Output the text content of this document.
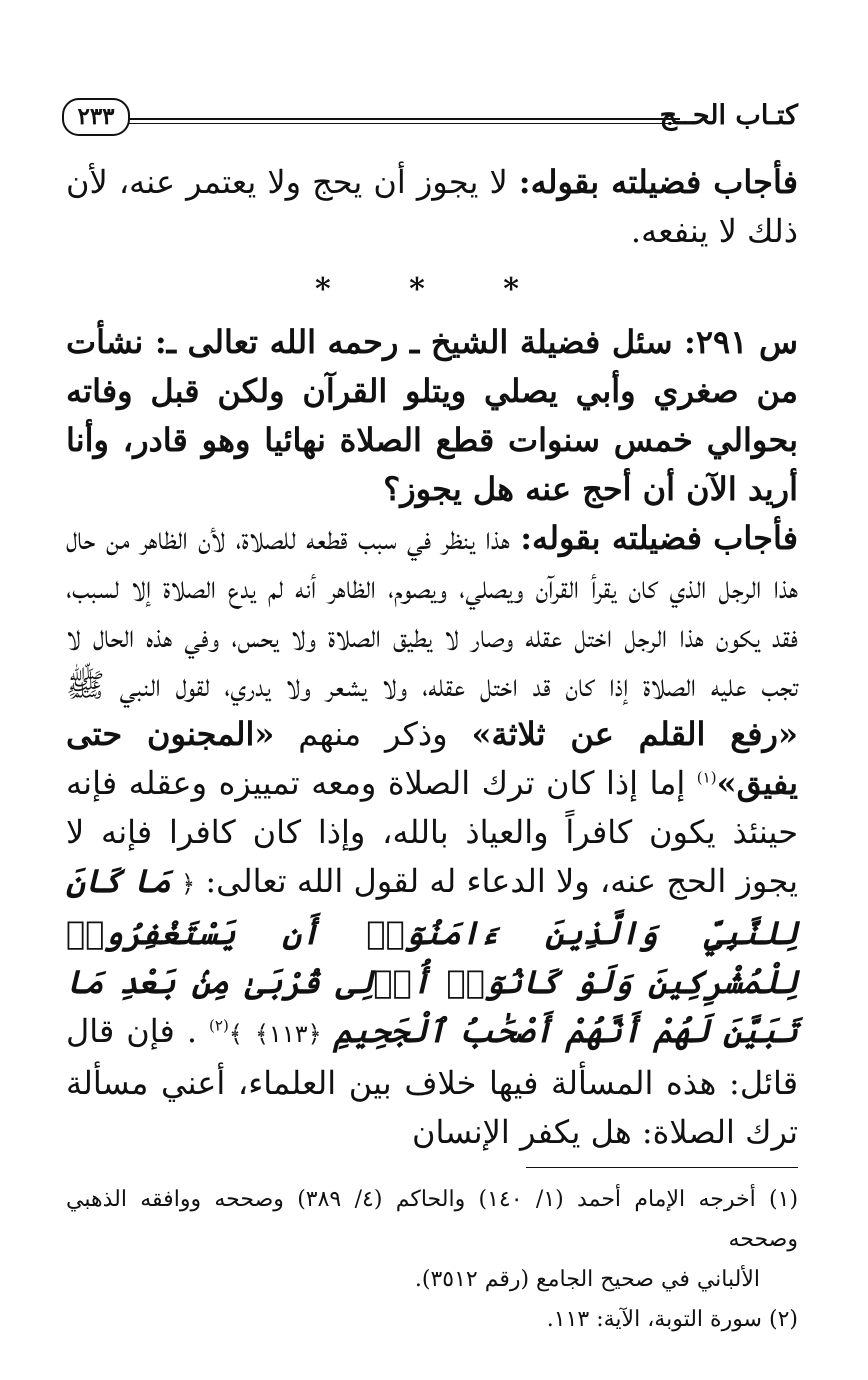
كتـاب الحــج
٢٣٣

فأجاب فضيلته بقوله: لا يجوز أن يحج ولا يعتمر عنه، لأن ذلك لا ينفعه.

* * *

س ٢٩١: سئل فضيلة الشيخ ـ رحمه الله تعالى ـ: نشأت من صغري وأبي يصلي ويتلو القرآن ولكن قبل وفاته بحوالي خمس سنوات قطع الصلاة نهائيا وهو قادر، وأنا أريد الآن أن أحج عنه هل يجوز؟

فأجاب فضيلته بقوله: هذا ينظر في سبب قطعه للصلاة، لأن الظاهر من حال هذا الرجل الذي كان يقرأ القرآن ويصلي، ويصوم، الظاهر أنه لم يدع الصلاة إلا لسبب، فقد يكون هذا الرجل اختل عقله وصار لا يطيق الصلاة ولا يحس، وفي هذه الحال لا تجب عليه الصلاة إذا كان قد اختل عقله، ولا يشعر ولا يدري، لقول النبي ﷺ «رفع القلم عن ثلاثة» وذكر منهم «المجنون حتى يفيق»$^{(١)}$ إما إذا كان ترك الصلاة ومعه تمييزه وعقله فإنه حينئذ يكون كافراً والعياذ بالله، وإذا كان كافرا فإنه لا يجوز الحج عنه، ولا الدعاء له لقول الله تعالى: ﴿ مَا كَانَ لِلنَّبِيِّ وَالَّذِينَ ءَامَنُوٓا۟ أَن يَسْتَغْفِرُوا۟ لِلْمُشْرِكِينَ وَلَوْ كَانُوٓا۟ أُو۟لِى قُرْبَىٰ مِنۢ بَعْدِ مَا تَبَيَّنَ لَهُمْ أَنَّهُمْ أَصْحَٰبُ ٱلْجَحِيمِ ﴿١١٣﴾ ﴾$^{(٢)}$ . فإن قال قائل: هذه المسألة فيها خلاف بين العلماء، أعني مسألة ترك الصلاة: هل يكفر الإنسان

(١) أخرجه الإمام أحمد (١/ ١٤٠) والحاكم (٤/ ٣٨٩) وصححه ووافقه الذهبي وصححه

الألباني في صحيح الجامع (رقم ٣٥١٢).

(٢) سورة التوبة، الآية: ١١٣.
